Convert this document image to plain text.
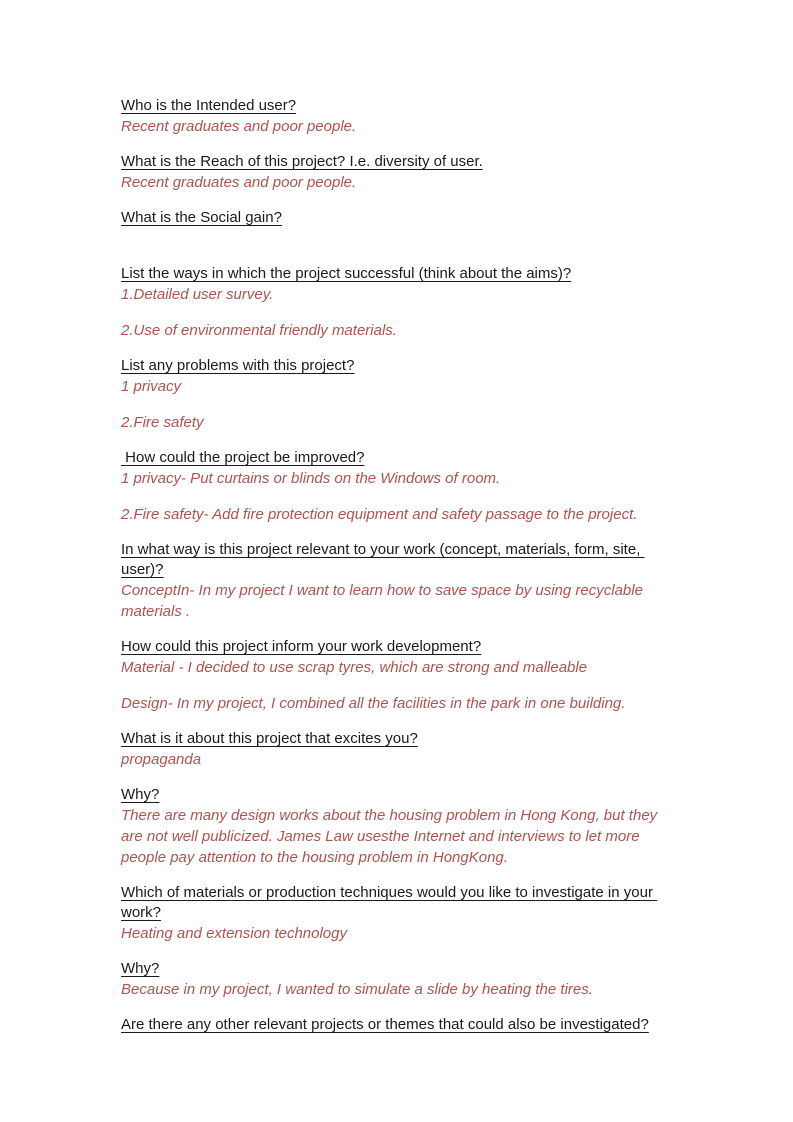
Who is the Intended user?

Recent graduates and poor people.

What is the Reach of this project? I.e. diversity of user.

Recent graduates and poor people.

What is the Social gain?

List the ways in which the project successful (think about the aims)?

1.Detailed user survey.

2.Use of environmental friendly materials.

List any problems with this project?

1 privacy

2.Fire safety

How could the project be improved?

1 privacy- Put curtains or blinds on the Windows of room.

2.Fire safety- Add fire protection equipment and safety passage to the project.

In what way is this project relevant to your work (concept, materials, form, site, user)?

ConceptIn- In my project I want to learn how to save space by using recyclable materials .

How could this project inform your work development?

Material - I decided to use scrap tyres, which are strong and malleable

Design- In my project, I combined all the facilities in the park in one building.

What is it about this project that excites you?

propaganda

Why?

There are many design works about the housing problem in Hong Kong, but they are not well publicized. James Law usesthe Internet and interviews to let more people pay attention to the housing problem in HongKong.

Which of materials or production techniques would you like to investigate in your work?

Heating and extension technology

Why?

Because in my project, I wanted to simulate a slide by heating the tires.

Are there any other relevant projects or themes that could also be investigated?
